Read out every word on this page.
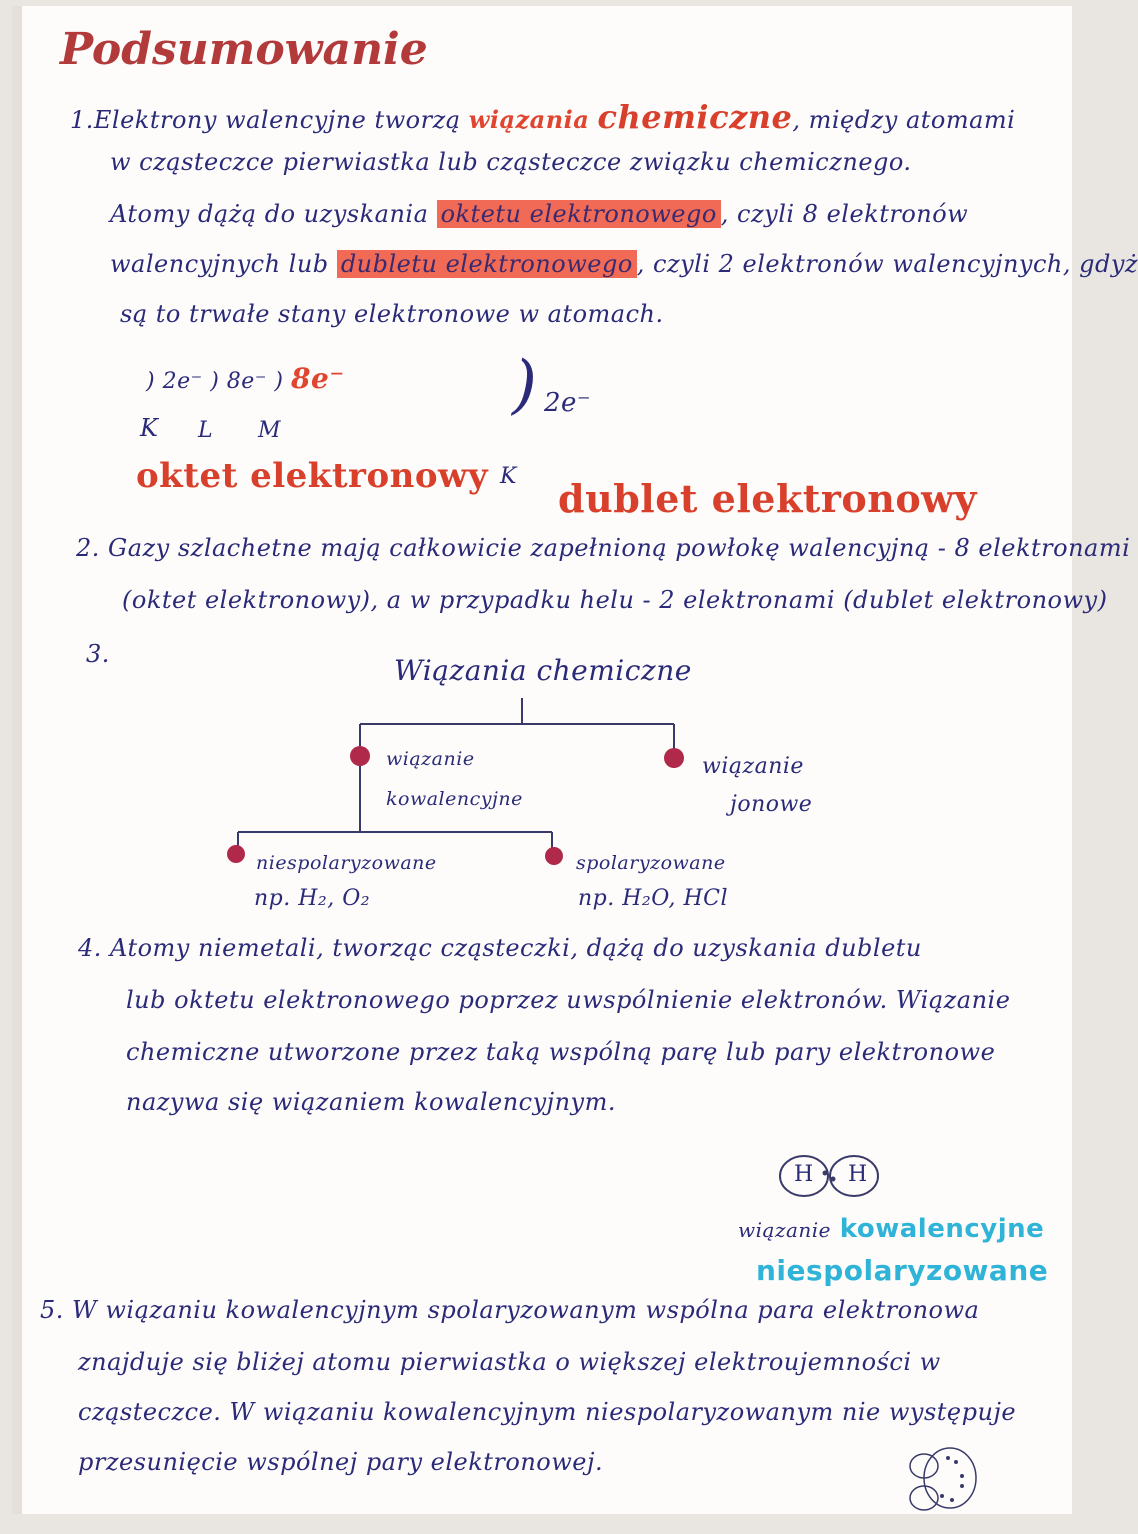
Podsumowanie
1.Elektrony walencyjne tworzą wiązania chemiczne, między atomami
w cząsteczce pierwiastka lub cząsteczce związku chemicznego.
Atomy dążą do uzyskania oktetu elektronowego , czyli 8 elektronów
walencyjnych lub dubletu elektronowego , czyli 2 elektronów walencyjnych, gdyż
są to trwałe stany elektronowe w atomach.
) 2e⁻ ) 8e⁻ ) 8e⁻
K L M
oktet elektronowy
) 2e⁻
K dublet elektronowy
2. Gazy szlachetne mają całkowicie zapełnioną powłokę walencyjną - 8 elektronami
(oktet elektronowy), a w przypadku helu - 2 elektronami (dublet elektronowy)
3.	Wiązania chemiczne
wiązanie
kowalencyjne
wiązanie
jonowe
niespolaryzowane
np. H₂, O₂
spolaryzowane
np. H₂O, HCl
4. Atomy niemetali, tworząc cząsteczki, dążą do uzyskania dubletu
lub oktetu elektronowego poprzez uwspólnienie elektronów. Wiązanie
chemiczne utworzone przez taką wspólną parę lub pary elektronowe
nazywa się wiązaniem kowalencyjnym.
H H
wiązanie kowalencyjne
niespolaryzowane
5. W wiązaniu kowalencyjnym spolaryzowanym wspólna para elektronowa
znajduje się bliżej atomu pierwiastka o większej elektroujemności w
cząsteczce. W wiązaniu kowalencyjnym niespolaryzowanym nie występuje
przesunięcie wspólnej pary elektronowej.
